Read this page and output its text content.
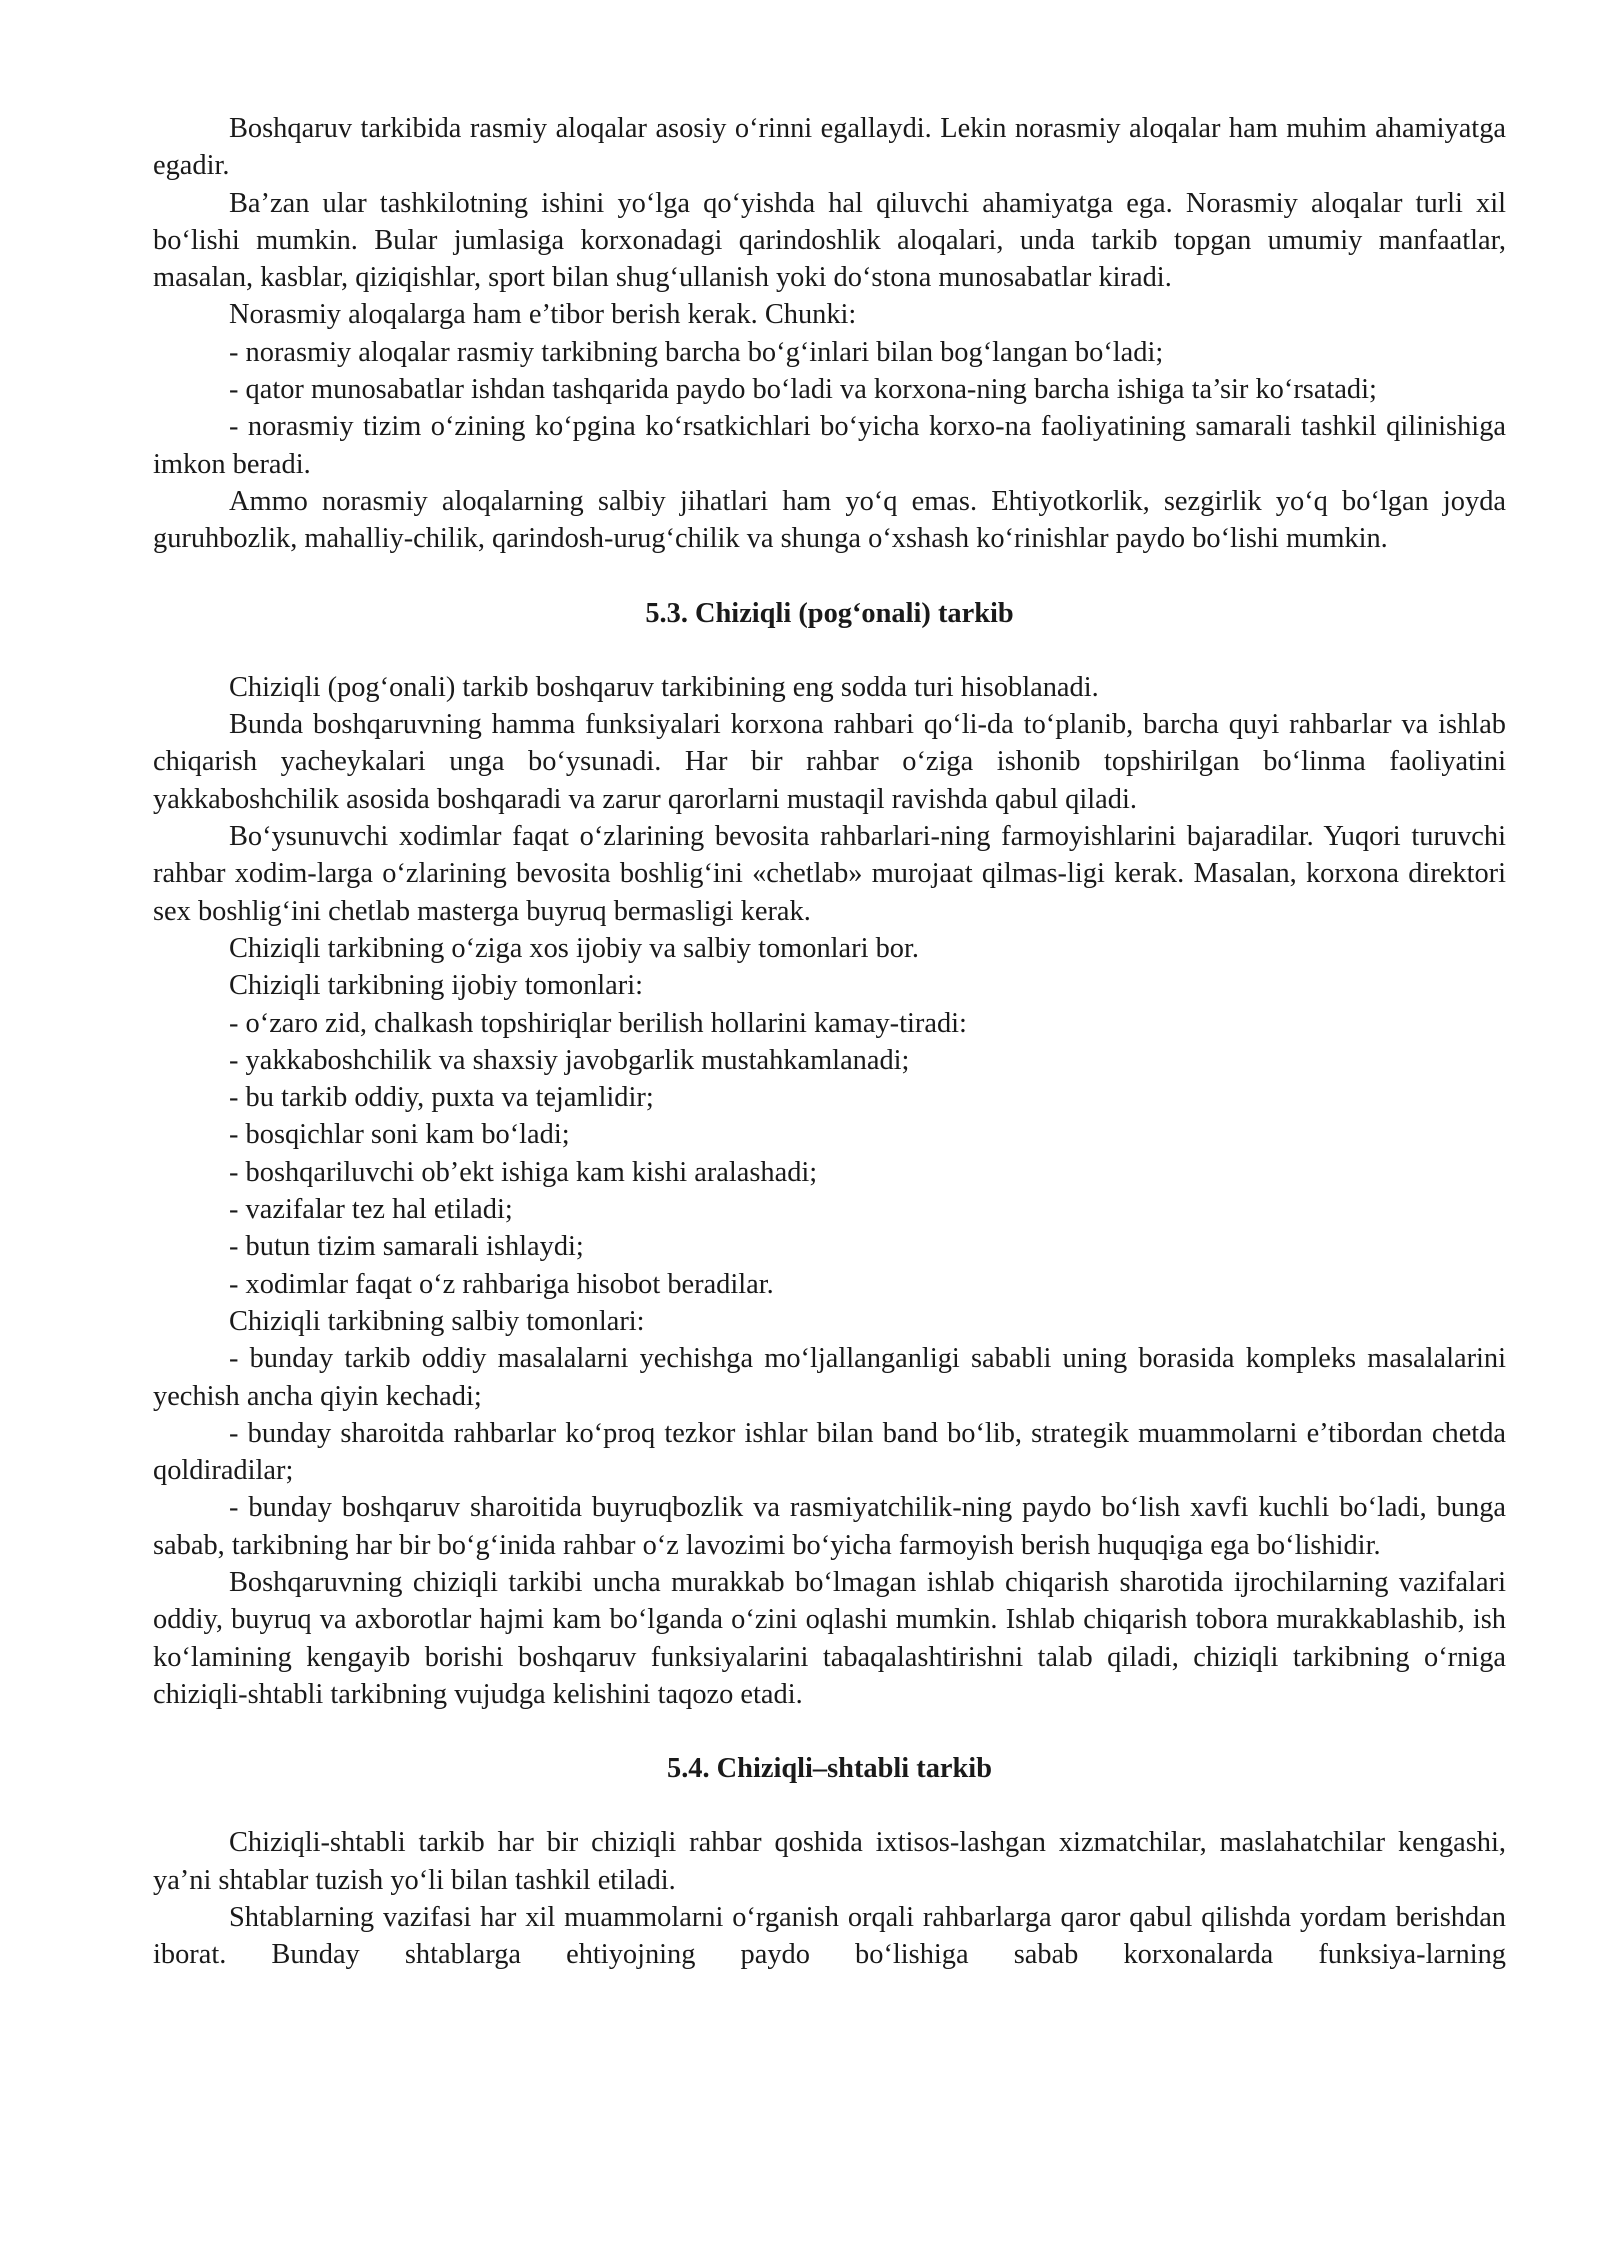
Boshqaruv tarkibida rasmiy aloqalar asosiy o‘rinni egallaydi. Lekin norasmiy aloqalar ham muhim ahamiyatga egadir.

Ba’zan ular tashkilotning ishini yo‘lga qo‘yishda hal qiluvchi ahamiyatga ega. Norasmiy aloqalar turli xil bo‘lishi mumkin. Bular jumlasiga korxonadagi qarindoshlik aloqalari, unda tarkib topgan umumiy manfaatlar, masalan, kasblar, qiziqishlar, sport bilan shug‘ullanish yoki do‘stona munosabatlar kiradi.

Norasmiy aloqalarga ham e’tibor berish kerak. Chunki:

- norasmiy aloqalar rasmiy tarkibning barcha bo‘g‘inlari bilan bog‘langan bo‘ladi;

- qator munosabatlar ishdan tashqarida paydo bo‘ladi va korxona-ning barcha ishiga ta’sir ko‘rsatadi;

- norasmiy tizim o‘zining ko‘pgina ko‘rsatkichlari bo‘yicha korxo-na faoliyatining samarali tashkil qilinishiga imkon beradi.

Ammo norasmiy aloqalarning salbiy jihatlari ham yo‘q emas. Ehtiyotkorlik, sezgirlik yo‘q bo‘lgan joyda guruhbozlik, mahalliy-chilik, qarindosh-urug‘chilik va shunga o‘xshash ko‘rinishlar paydo bo‘lishi mumkin.

5.3. Chiziqli (pog‘onali) tarkib

Chiziqli (pog‘onali) tarkib boshqaruv tarkibining eng sodda turi hisoblanadi.

Bunda boshqaruvning hamma funksiyalari korxona rahbari qo‘li-da to‘planib, barcha quyi rahbarlar va ishlab chiqarish yacheykalari unga bo‘ysunadi. Har bir rahbar o‘ziga ishonib topshirilgan bo‘linma faoliyatini yakkaboshchilik asosida boshqaradi va zarur qarorlarni mustaqil ravishda qabul qiladi.

Bo‘ysunuvchi xodimlar faqat o‘zlarining bevosita rahbarlari-ning farmoyishlarini bajaradilar. Yuqori turuvchi rahbar xodim-larga o‘zlarining bevosita boshlig‘ini «chetlab» murojaat qilmas-ligi kerak. Masalan, korxona direktori sex boshlig‘ini chetlab masterga buyruq bermasligi kerak.

Chiziqli tarkibning o‘ziga xos ijobiy va salbiy tomonlari bor.

Chiziqli tarkibning ijobiy tomonlari:

- o‘zaro zid, chalkash topshiriqlar berilish hollarini kamay-tiradi:

- yakkaboshchilik va shaxsiy javobgarlik mustahkamlanadi;

- bu tarkib oddiy, puxta va tejamlidir;

- bosqichlar soni kam bo‘ladi;

- boshqariluvchi ob’ekt ishiga kam kishi aralashadi;

- vazifalar tez hal etiladi;

- butun tizim samarali ishlaydi;

- xodimlar faqat o‘z rahbariga hisobot beradilar.

Chiziqli tarkibning salbiy tomonlari:

- bunday tarkib oddiy masalalarni yechishga mo‘ljallanganligi sababli uning borasida kompleks masalalarini yechish ancha qiyin kechadi;

- bunday sharoitda rahbarlar ko‘proq tezkor ishlar bilan band bo‘lib, strategik muammolarni e’tibordan chetda qoldiradilar;

- bunday boshqaruv sharoitida buyruqbozlik va rasmiyatchilik-ning paydo bo‘lish xavfi kuchli bo‘ladi, bunga sabab, tarkibning har bir bo‘g‘inida rahbar o‘z lavozimi bo‘yicha farmoyish berish huquqiga ega bo‘lishidir.

Boshqaruvning chiziqli tarkibi uncha murakkab bo‘lmagan ishlab chiqarish sharotida ijrochilarning vazifalari oddiy, buyruq va axborotlar hajmi kam bo‘lganda o‘zini oqlashi mumkin. Ishlab chiqarish tobora murakkablashib, ish ko‘lamining kengayib borishi boshqaruv funksiyalarini tabaqalashtirishni talab qiladi, chiziqli tarkibning o‘rniga chiziqli-shtabli tarkibning vujudga kelishini taqozo etadi.

5.4. Chiziqli–shtabli tarkib

Chiziqli-shtabli tarkib har bir chiziqli rahbar qoshida ixtisos-lashgan xizmatchilar, maslahatchilar kengashi, ya’ni shtablar tuzish yo‘li bilan tashkil etiladi.

Shtablarning vazifasi har xil muammolarni o‘rganish orqali rahbarlarga qaror qabul qilishda yordam berishdan iborat. Bunday shtablarga ehtiyojning paydo bo‘lishiga sabab korxonalarda funksiya-larning
